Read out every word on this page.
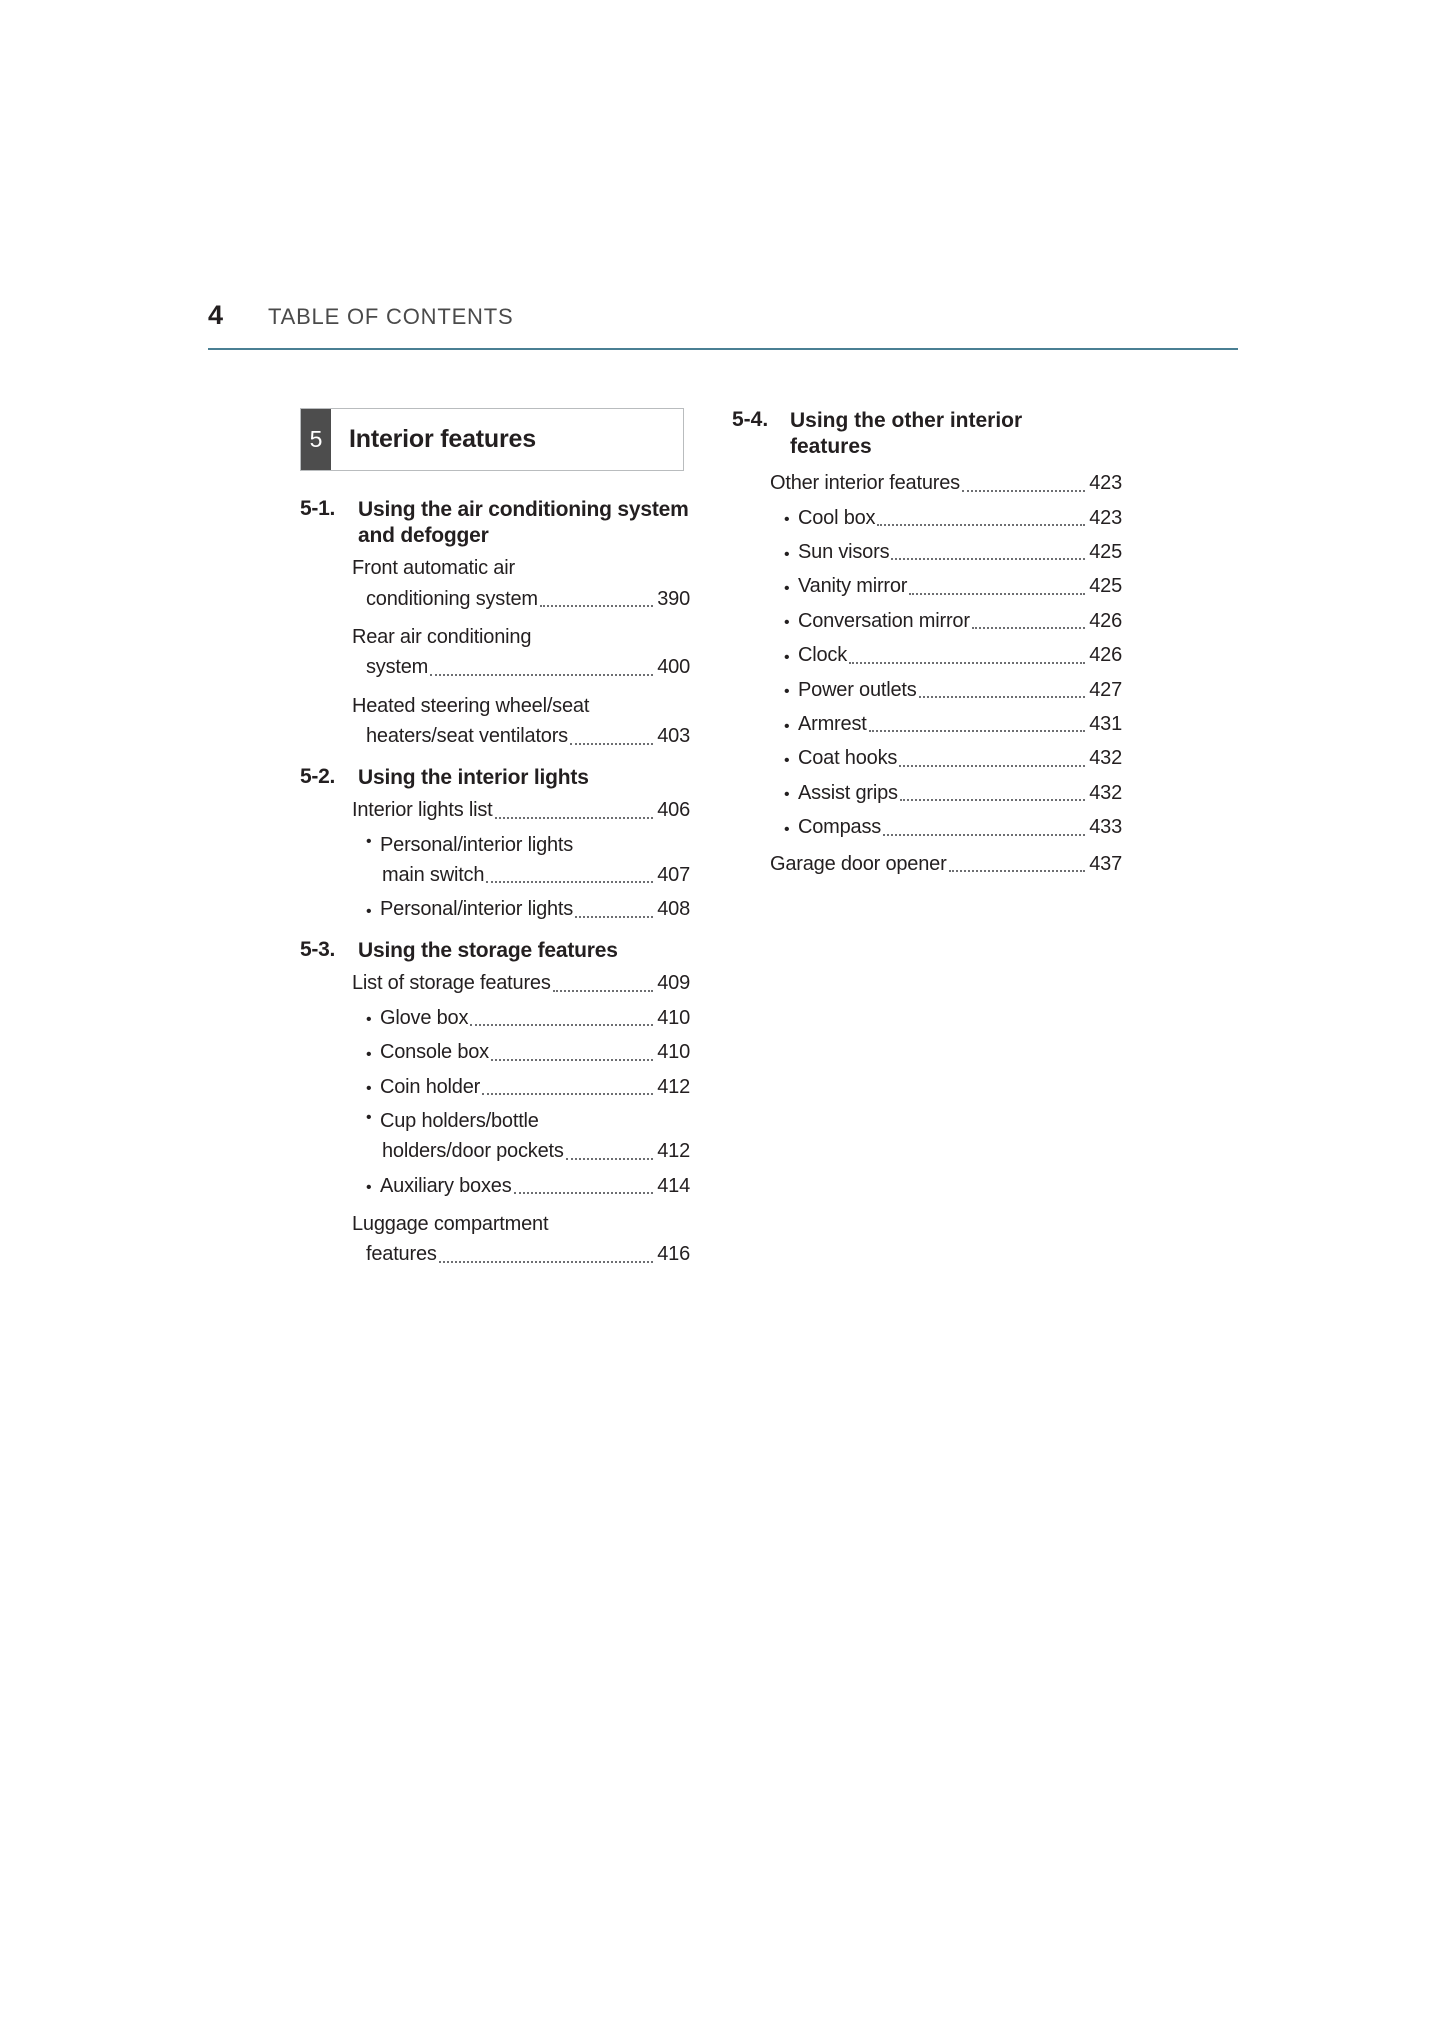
4	TABLE OF CONTENTS
5	Interior features
5-1.	Using the air conditioning system and defogger
Front automatic air
conditioning system	390
Rear air conditioning
system	400
Heated steering wheel/seat
heaters/seat ventilators	403
5-2.	Using the interior lights
Interior lights list	406
• Personal/interior lights
main switch	407
• Personal/interior lights	408
5-3.	Using the storage features
List of storage features	409
• Glove box	410
• Console box	410
• Coin holder	412
• Cup holders/bottle
holders/door pockets	412
• Auxiliary boxes	414
Luggage compartment
features	416
5-4.	Using the other interior
features
Other interior features	423
• Cool box	423
• Sun visors	425
• Vanity mirror	425
• Conversation mirror	426
• Clock	426
• Power outlets	427
• Armrest	431
• Coat hooks	432
• Assist grips	432
• Compass	433
Garage door opener	437
